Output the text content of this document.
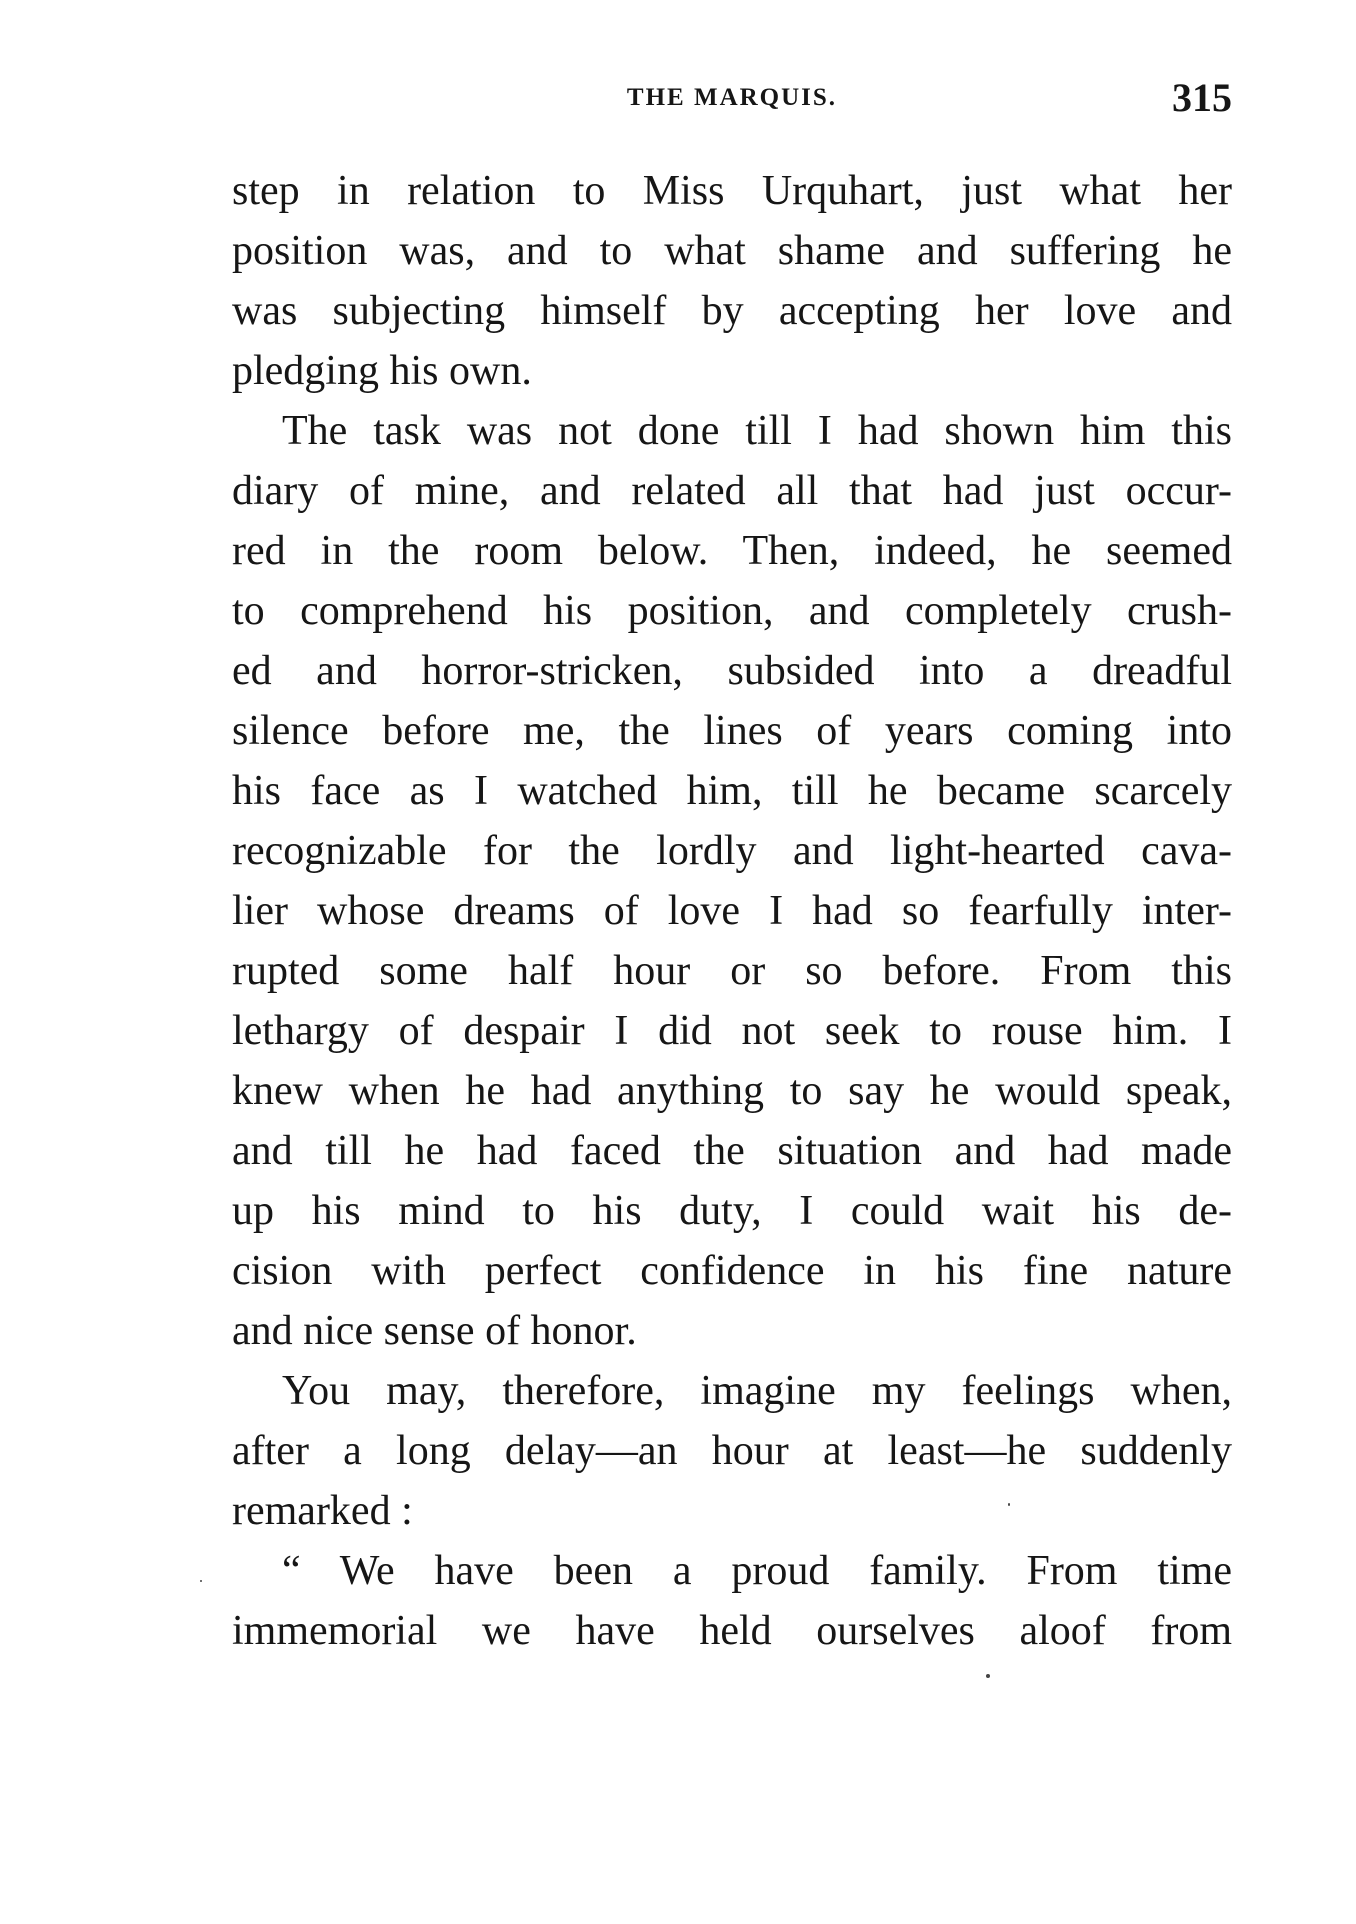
THE MARQUIS.	315
step in relation to Miss Urquhart, just what her
position was, and to what shame and suffering he
was subjecting himself by accepting her love and
pledging his own.
The task was not done till I had shown him this
diary of mine, and related all that had just occur-
red in the room below. Then, indeed, he seemed
to comprehend his position, and completely crush-
ed and horror-stricken, subsided into a dreadful
silence before me, the lines of years coming into
his face as I watched him, till he became scarcely
recognizable for the lordly and light-hearted cava-
lier whose dreams of love I had so fearfully inter-
rupted some half hour or so before. From this
lethargy of despair I did not seek to rouse him. I
knew when he had anything to say he would speak,
and till he had faced the situation and had made
up his mind to his duty, I could wait his de-
cision with perfect confidence in his fine nature
and nice sense of honor.
You may, therefore, imagine my feelings when,
after a long delay—an hour at least—he suddenly
remarked :
“ We have been a proud family. From time
immemorial we have held ourselves aloof from
